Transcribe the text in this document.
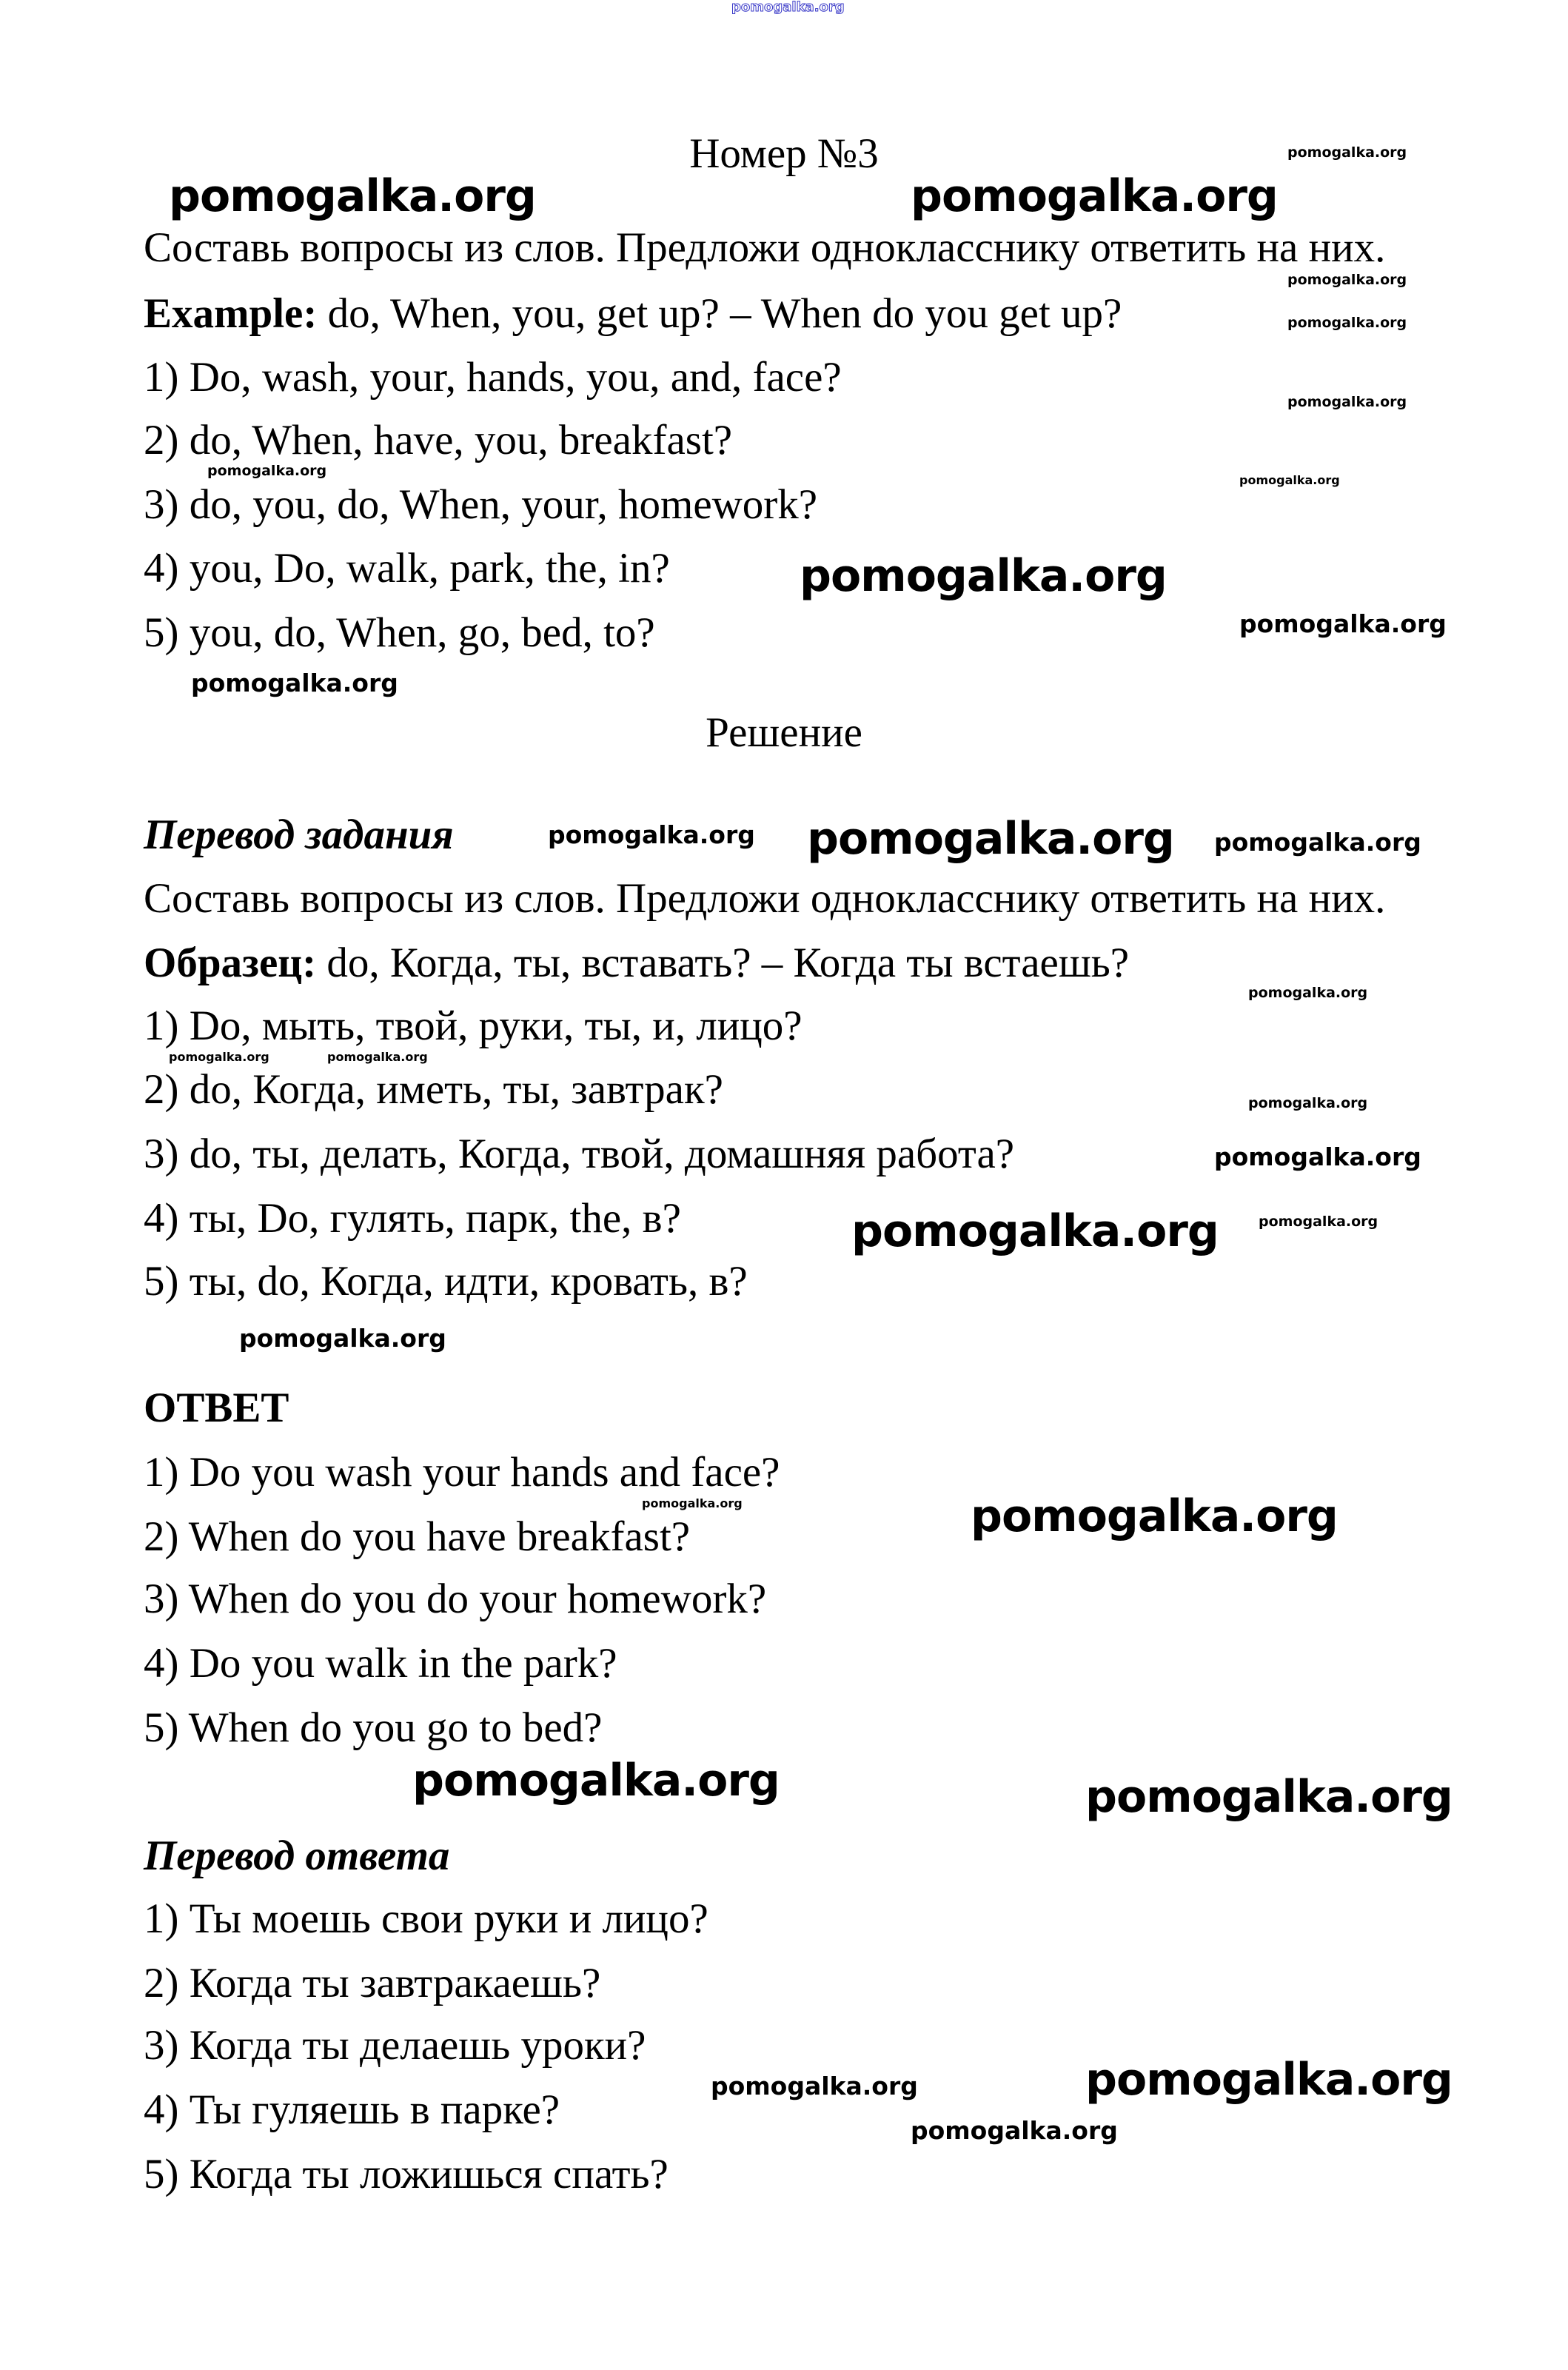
Номер №3
Составь вопросы из слов. Предложи однокласснику ответить на них.
Example: do, When, you, get up? – When do you get up?
1) Do, wash, your, hands, you, and, face?
2) do, When, have, you, breakfast?
3) do, you, do, When, your, homework?
4) you, Do, walk, park, the, in?
5) you, do, When, go, bed, to?
Решение
Перевод задания
Составь вопросы из слов. Предложи однокласснику ответить на них.
Образец: do, Когда, ты, вставать? – Когда ты встаешь?
1) Do, мыть, твой, руки, ты, и, лицо?
2) do, Когда, иметь, ты, завтрак?
3) do, ты, делать, Когда, твой, домашняя работа?
4) ты, Do, гулять, парк, the, в?
5) ты, do, Когда, идти, кровать, в?
ОТВЕТ
1) Do you wash your hands and face?
2) When do you have breakfast?
3) When do you do your homework?
4) Do you walk in the park?
5) When do you go to bed?
Перевод ответа
1) Ты моешь свои руки и лицо?
2) Когда ты завтракаешь?
3) Когда ты делаешь уроки?
4) Ты гуляешь в парке?
5) Когда ты ложишься спать?
pomogalka.org
pomogalka.org
pomogalka.org	pomogalka.org
pomogalka.org
pomogalka.org
pomogalka.org
pomogalka.org
pomogalka.org
pomogalka.org
pomogalka.org
pomogalka.org
pomogalka.org pomogalka.org pomogalka.org
pomogalka.org
pomogalka.org	pomogalka.org
pomogalka.org
pomogalka.org
pomogalka.org
pomogalka.org
pomogalka.org
pomogalka.org	pomogalka.org
pomogalka.org	pomogalka.org
pomogalka.org
pomogalka.org
pomogalka.org
